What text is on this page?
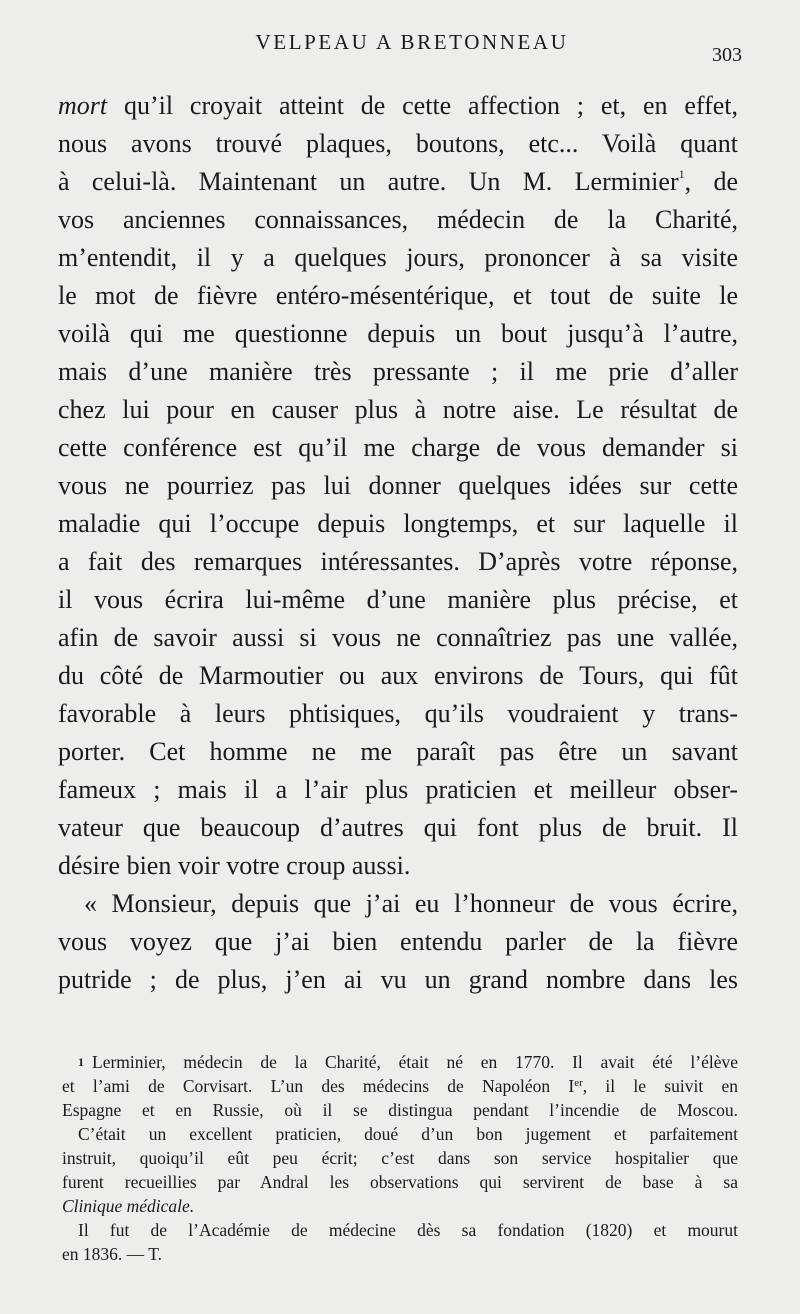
VELPEAU A BRETONNEAU
303
mort qu’il croyait atteint de cette affection ; et, en effet,
nous avons trouvé plaques, boutons, etc... Voilà quant
à celui-là. Maintenant un autre. Un M. Lerminier$^1$, de
vos anciennes connaissances, médecin de la Charité,
m’entendit, il y a quelques jours, prononcer à sa visite
le mot de fièvre entéro-mésentérique, et tout de suite le
voilà qui me questionne depuis un bout jusqu’à l’autre,
mais d’une manière très pressante ; il me prie d’aller
chez lui pour en causer plus à notre aise. Le résultat de
cette conférence est qu’il me charge de vous demander si
vous ne pourriez pas lui donner quelques idées sur cette
maladie qui l’occupe depuis longtemps, et sur laquelle il
a fait des remarques intéressantes. D’après votre réponse,
il vous écrira lui-même d’une manière plus précise, et
afin de savoir aussi si vous ne connaîtriez pas une vallée,
du côté de Marmoutier ou aux environs de Tours, qui fût
favorable à leurs phtisiques, qu’ils voudraient y trans-
porter. Cet homme ne me paraît pas être un savant
fameux ; mais il a l’air plus praticien et meilleur obser-
vateur que beaucoup d’autres qui font plus de bruit. Il
désire bien voir votre croup aussi.
« Monsieur, depuis que j’ai eu l’honneur de vous écrire,
vous voyez que j’ai bien entendu parler de la fièvre
putride ; de plus, j’en ai vu un grand nombre dans les
1 Lerminier, médecin de la Charité, était né en 1770. Il avait été l’élève
et l’ami de Corvisart. L’un des médecins de Napoléon Ier, il le suivit en
Espagne et en Russie, où il se distingua pendant l’incendie de Moscou.
C’était un excellent praticien, doué d’un bon jugement et parfaitement
instruit, quoiqu’il eût peu écrit; c’est dans son service hospitalier que
furent recueillies par Andral les observations qui servirent de base à sa
Clinique médicale.
Il fut de l’Académie de médecine dès sa fondation (1820) et mourut
en 1836. — T.
